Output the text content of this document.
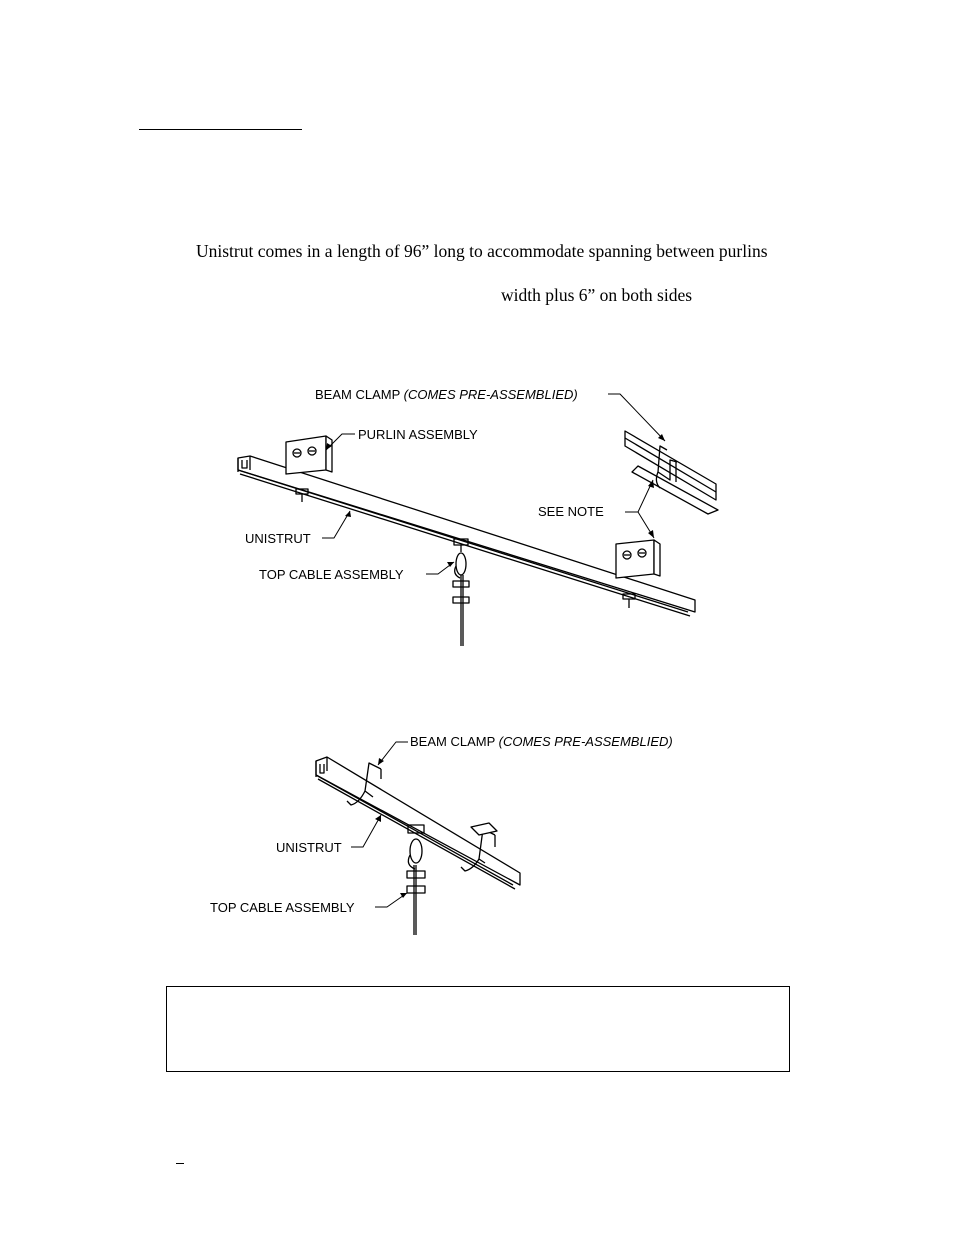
Unistrut comes in a length of 96” long to accommodate spanning between purlins
width plus 6” on both sides
BEAM CLAMP (COMES PRE-ASSEMBLIED)
PURLIN ASSEMBLY
SEE NOTE
UNISTRUT
TOP CABLE ASSEMBLY
BEAM CLAMP (COMES PRE-ASSEMBLIED)
UNISTRUT
TOP CABLE ASSEMBLY
